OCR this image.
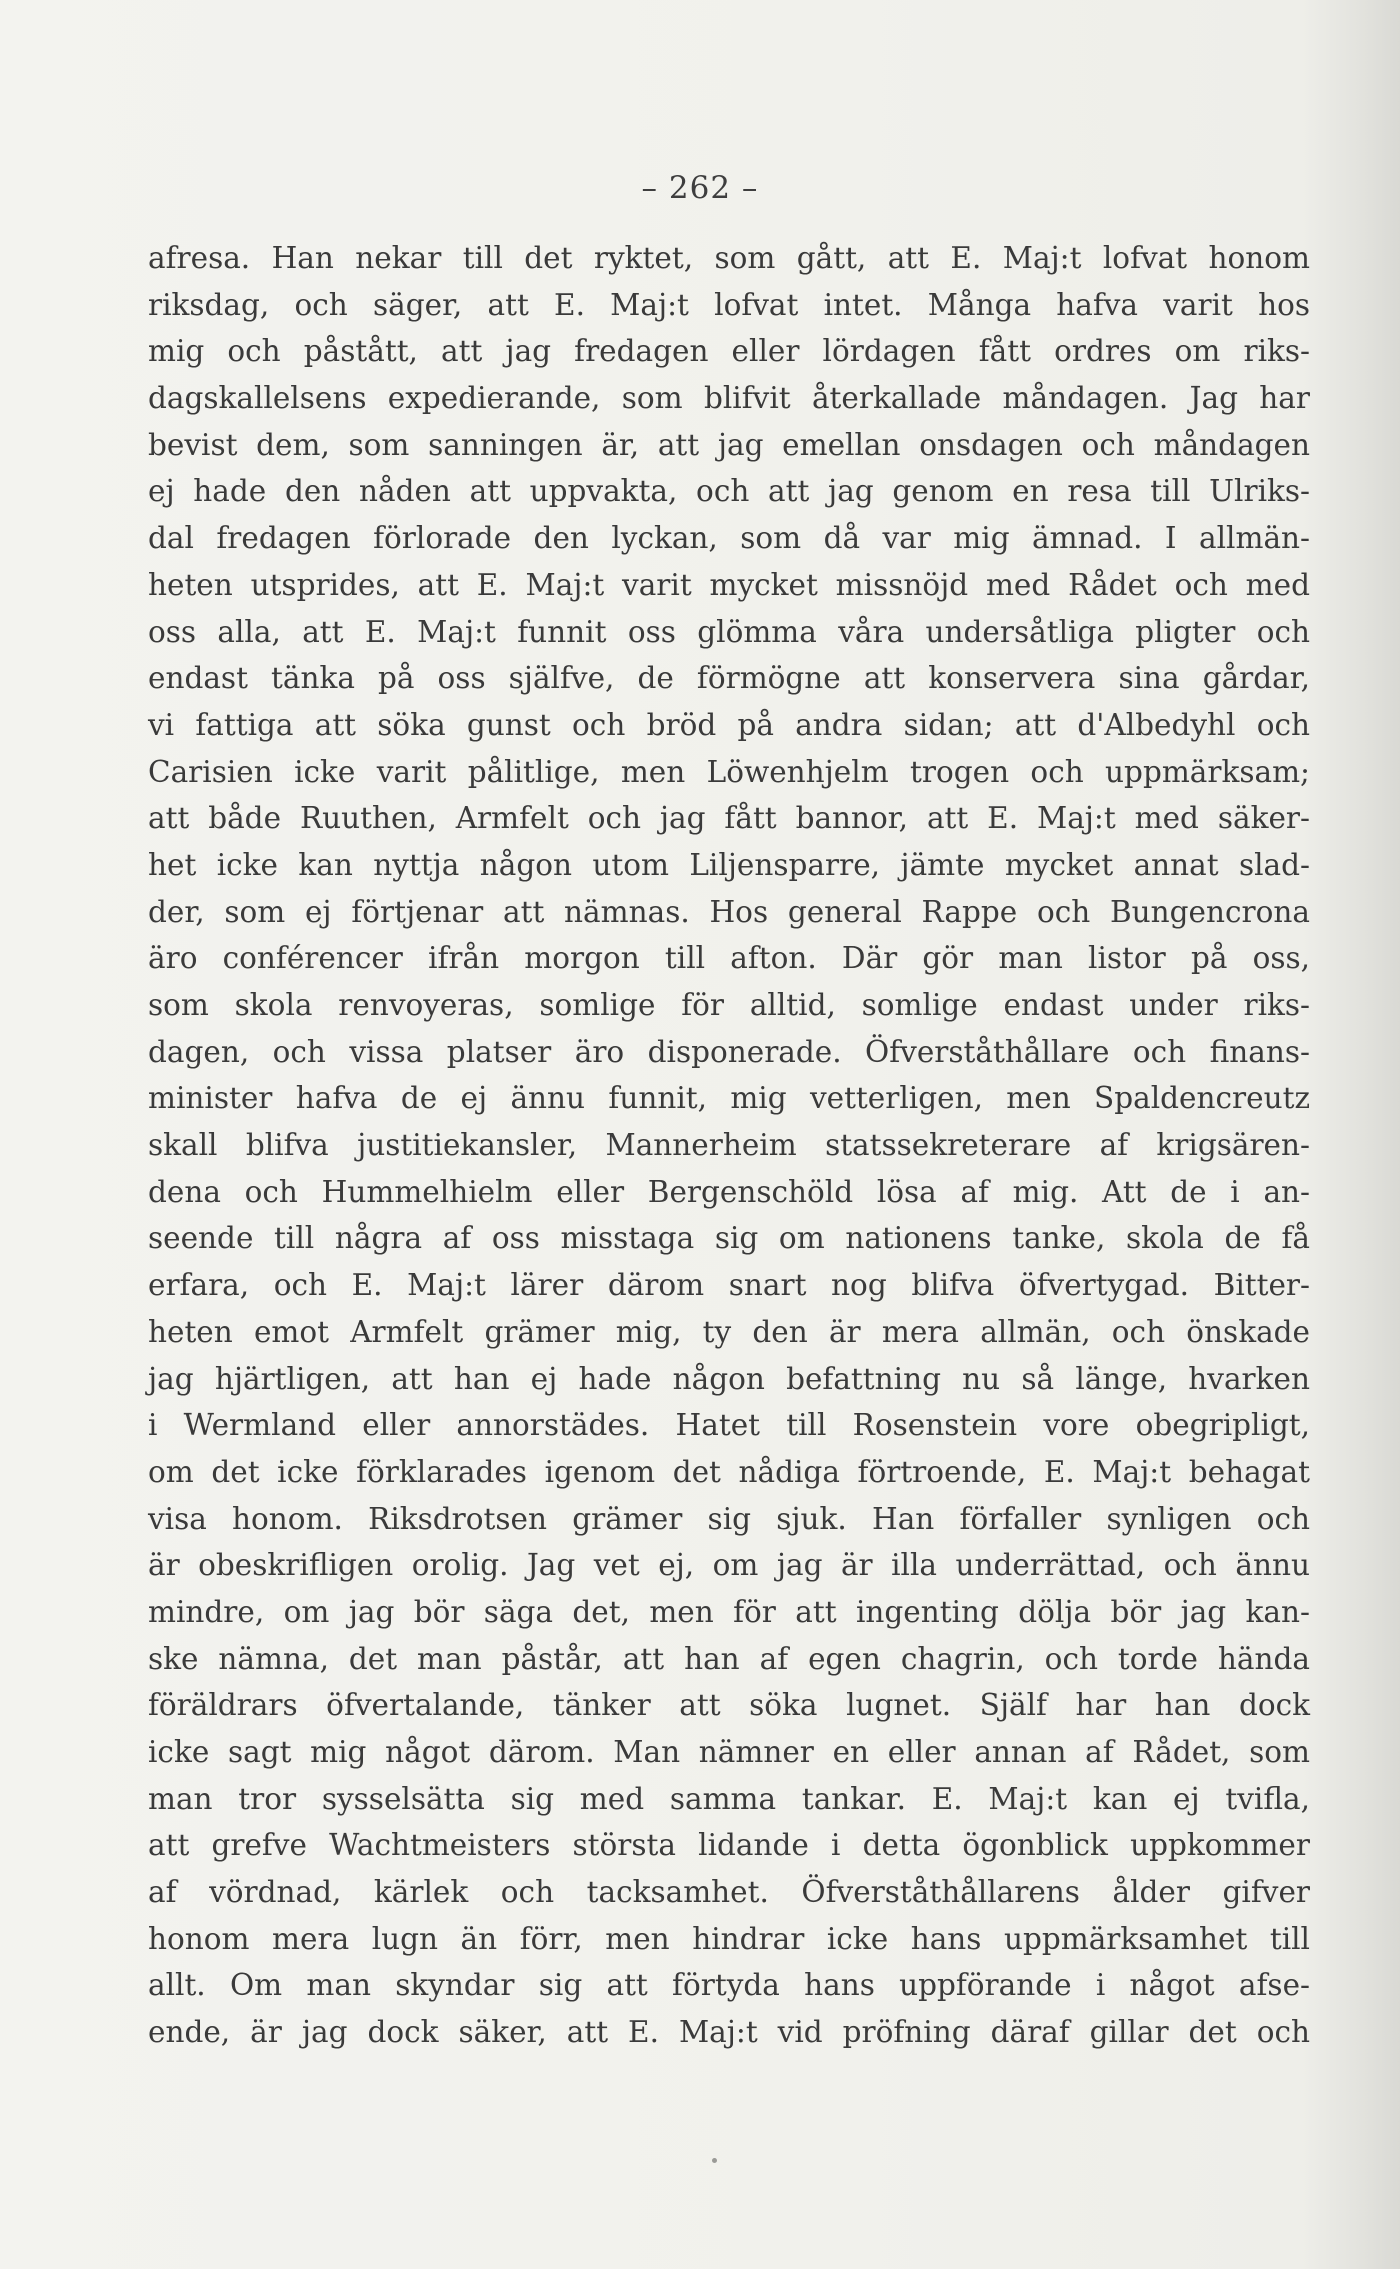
– 262 –
afresa. Han nekar till det ryktet, som gått, att E. Maj:t lofvat honom
riksdag, och säger, att E. Maj:t lofvat intet. Många hafva varit hos
mig och påstått, att jag fredagen eller lördagen fått ordres om riks-
dagskallelsens expedierande, som blifvit återkallade måndagen. Jag har
bevist dem, som sanningen är, att jag emellan onsdagen och måndagen
ej hade den nåden att uppvakta, och att jag genom en resa till Ulriks-
dal fredagen förlorade den lyckan, som då var mig ämnad. I allmän-
heten utsprides, att E. Maj:t varit mycket missnöjd med Rådet och med
oss alla, att E. Maj:t funnit oss glömma våra undersåtliga pligter och
endast tänka på oss själfve, de förmögne att konservera sina gårdar,
vi fattiga att söka gunst och bröd på andra sidan; att d'Albedyhl och
Carisien icke varit pålitlige, men Löwenhjelm trogen och uppmärksam;
att både Ruuthen, Armfelt och jag fått bannor, att E. Maj:t med säker-
het icke kan nyttja någon utom Liljensparre, jämte mycket annat slad-
der, som ej förtjenar att nämnas. Hos general Rappe och Bungencrona
äro conférencer ifrån morgon till afton. Där gör man listor på oss,
som skola renvoyeras, somlige för alltid, somlige endast under riks-
dagen, och vissa platser äro disponerade. Öfverståthållare och finans-
minister hafva de ej ännu funnit, mig vetterligen, men Spaldencreutz
skall blifva justitiekansler, Mannerheim statssekreterare af krigsären-
dena och Hummelhielm eller Bergenschöld lösa af mig. Att de i an-
seende till några af oss misstaga sig om nationens tanke, skola de få
erfara, och E. Maj:t lärer därom snart nog blifva öfvertygad. Bitter-
heten emot Armfelt grämer mig, ty den är mera allmän, och önskade
jag hjärtligen, att han ej hade någon befattning nu så länge, hvarken
i Wermland eller annorstädes. Hatet till Rosenstein vore obegripligt,
om det icke förklarades igenom det nådiga förtroende, E. Maj:t behagat
visa honom. Riksdrotsen grämer sig sjuk. Han förfaller synligen och
är obeskrifligen orolig. Jag vet ej, om jag är illa underrättad, och ännu
mindre, om jag bör säga det, men för att ingenting dölja bör jag kan-
ske nämna, det man påstår, att han af egen chagrin, och torde hända
föräldrars öfvertalande, tänker att söka lugnet. Själf har han dock
icke sagt mig något därom. Man nämner en eller annan af Rådet, som
man tror sysselsätta sig med samma tankar. E. Maj:t kan ej tvifla,
att grefve Wachtmeisters största lidande i detta ögonblick uppkommer
af vördnad, kärlek och tacksamhet. Öfverståthållarens ålder gifver
honom mera lugn än förr, men hindrar icke hans uppmärksamhet till
allt. Om man skyndar sig att förtyda hans uppförande i något afse-
ende, är jag dock säker, att E. Maj:t vid pröfning däraf gillar det och
